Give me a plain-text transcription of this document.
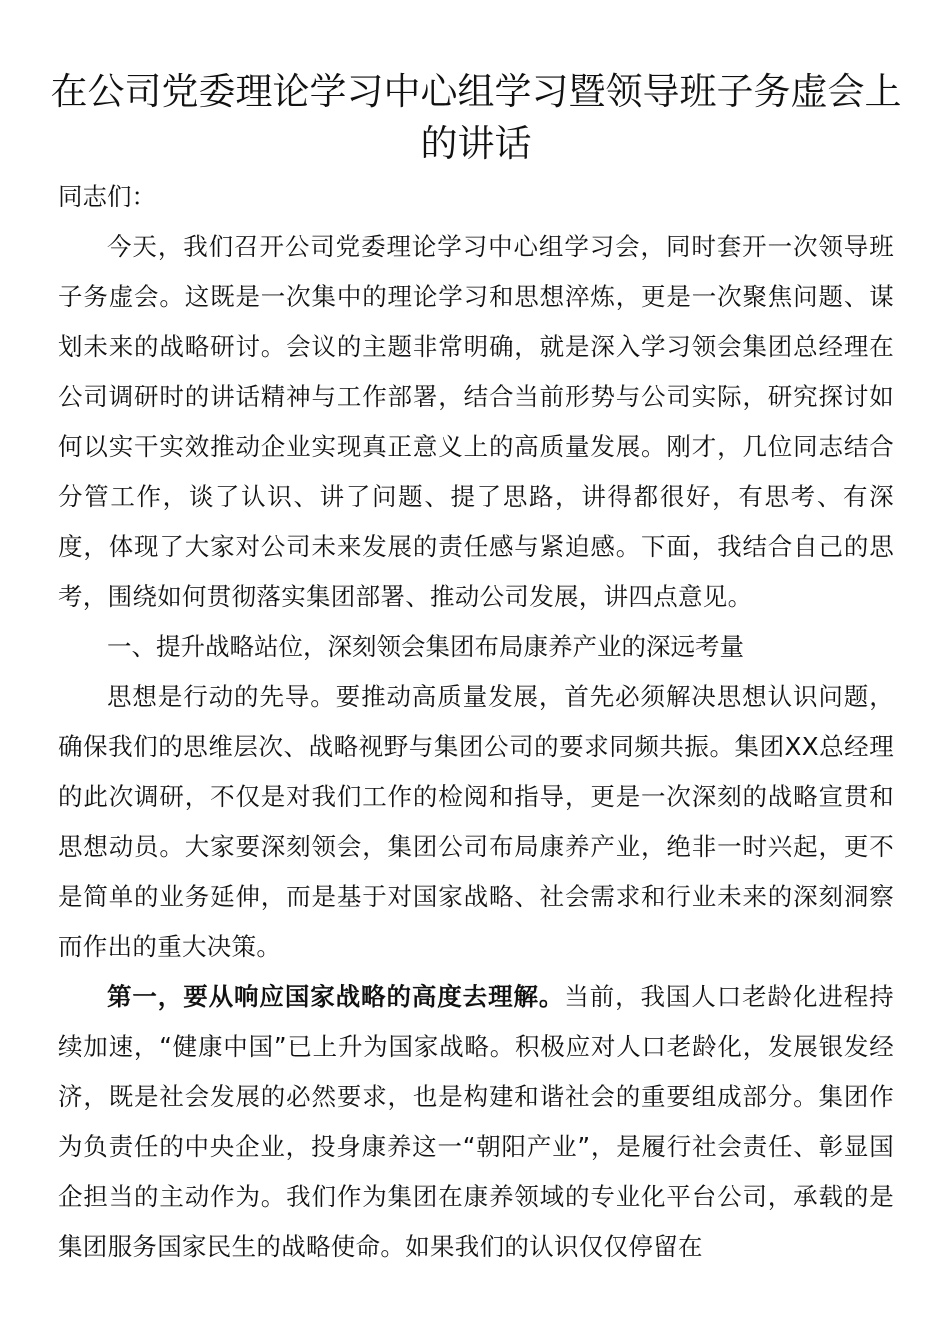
在公司党委理论学习中心组学习暨领导班子务虚会上的讲话

同志们：

今天，我们召开公司党委理论学习中心组学习会，同时套开一次领导班子务虚会。这既是一次集中的理论学习和思想淬炼，更是一次聚焦问题、谋划未来的战略研讨。会议的主题非常明确，就是深入学习领会集团总经理在公司调研时的讲话精神与工作部署，结合当前形势与公司实际，研究探讨如何以实干实效推动企业实现真正意义上的高质量发展。刚才，几位同志结合分管工作，谈了认识、讲了问题、提了思路，讲得都很好，有思考、有深度，体现了大家对公司未来发展的责任感与紧迫感。下面，我结合自己的思考，围绕如何贯彻落实集团部署、推动公司发展，讲四点意见。

一、提升战略站位，深刻领会集团布局康养产业的深远考量

思想是行动的先导。要推动高质量发展，首先必须解决思想认识问题，确保我们的思维层次、战略视野与集团公司的要求同频共振。集团XX总经理的此次调研，不仅是对我们工作的检阅和指导，更是一次深刻的战略宣贯和思想动员。大家要深刻领会，集团公司布局康养产业，绝非一时兴起，更不是简单的业务延伸，而是基于对国家战略、社会需求和行业未来的深刻洞察而作出的重大决策。

第一，要从响应国家战略的高度去理解。当前，我国人口老龄化进程持续加速，“健康中国”已上升为国家战略。积极应对人口老龄化，发展银发经济，既是社会发展的必然要求，也是构建和谐社会的重要组成部分。集团作为负责任的中央企业，投身康养这一“朝阳产业”，是履行社会责任、彰显国企担当的主动作为。我们作为集团在康养领域的专业化平台公司，承载的是集团服务国家民生的战略使命。如果我们的认识仅仅停留在
